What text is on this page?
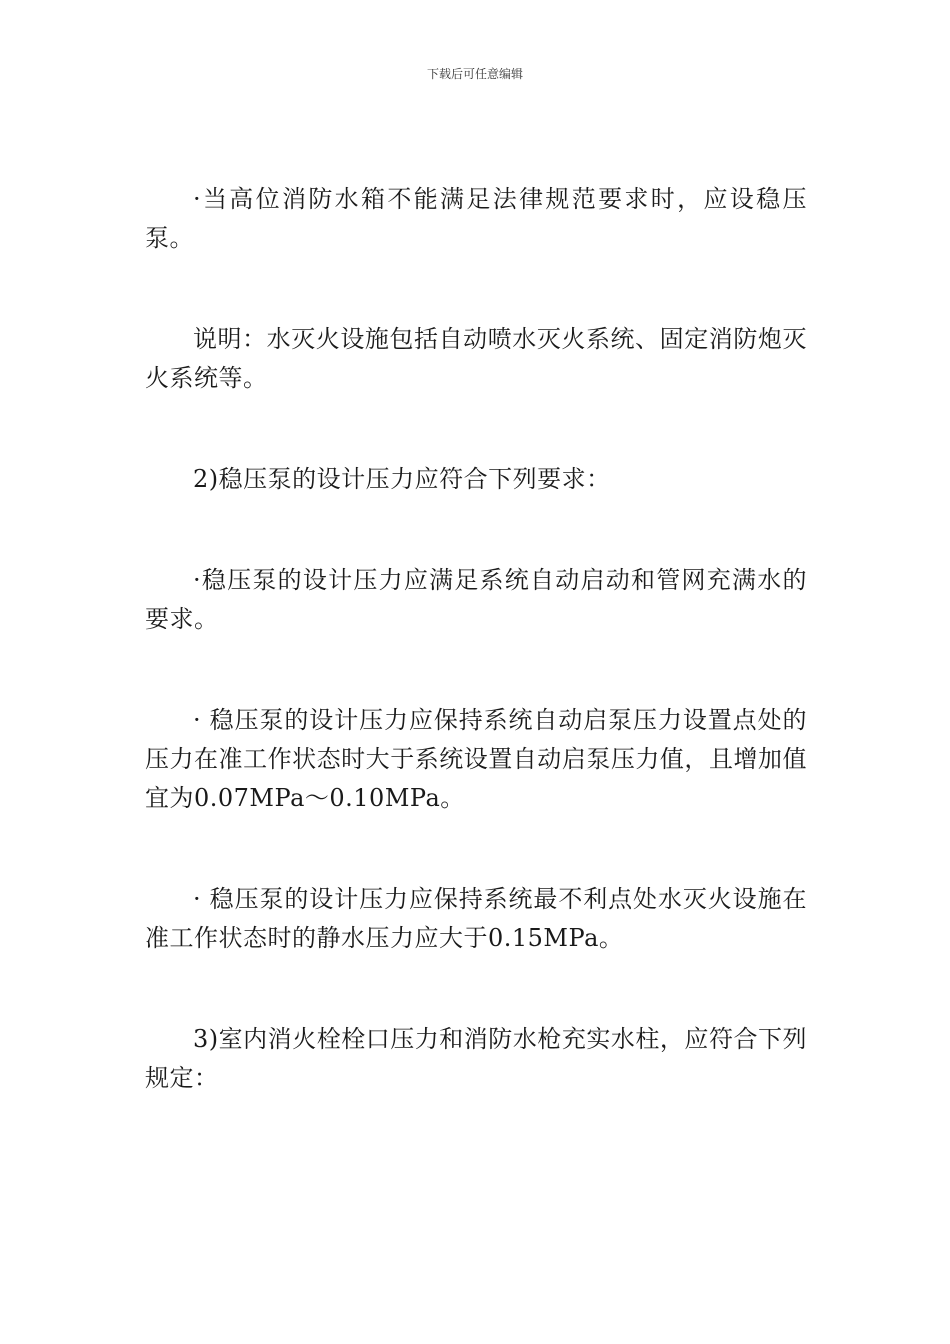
下载后可任意编辑

·当高位消防水箱不能满足法律规范要求时，应设稳压泵。

说明：水灭火设施包括自动喷水灭火系统、固定消防炮灭火系统等。

2)稳压泵的设计压力应符合下列要求：

·稳压泵的设计压力应满足系统自动启动和管网充满水的要求。

· 稳压泵的设计压力应保持系统自动启泵压力设置点处的压力在准工作状态时大于系统设置自动启泵压力值，且增加值宜为0.07MPa～0.10MPa。

· 稳压泵的设计压力应保持系统最不利点处水灭火设施在准工作状态时的静水压力应大于0.15MPa。

3)室内消火栓栓口压力和消防水枪充实水柱，应符合下列规定：
